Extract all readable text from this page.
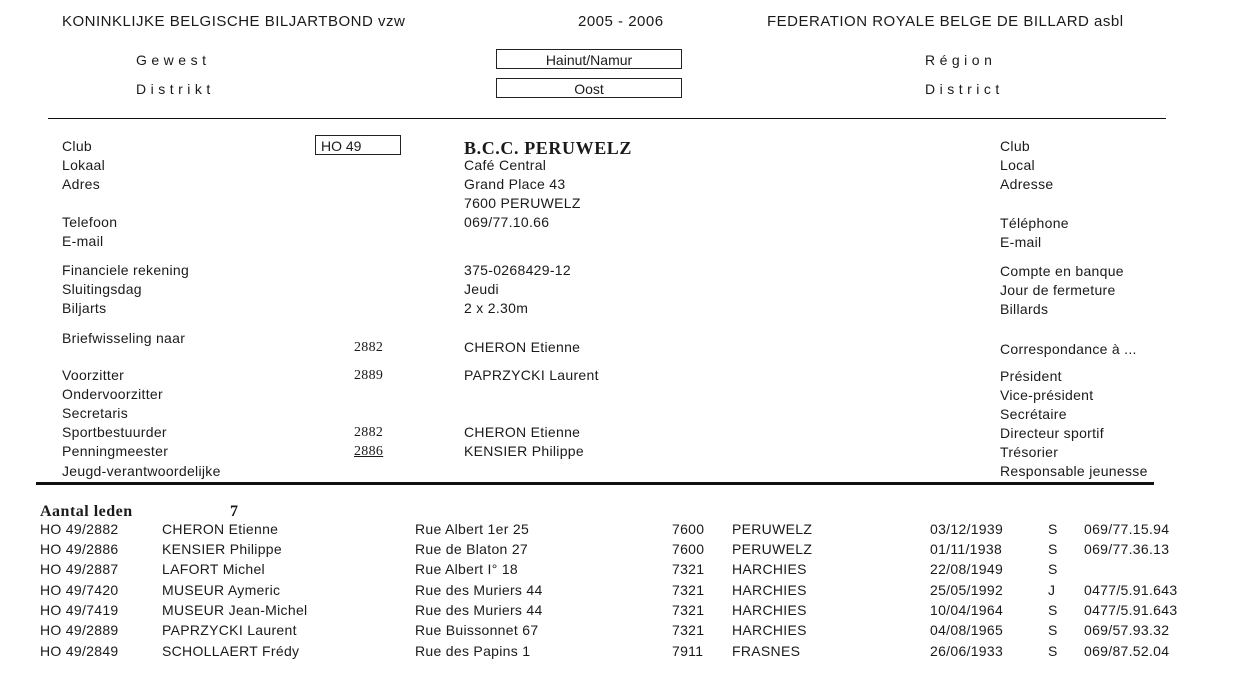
KONINKLIJKE BELGISCHE BILJARTBOND vzw	2005 - 2006	FEDERATION ROYALE BELGE DE BILLARD asbl
Gewest	Hainut/Namur	Région
Distrikt	Oost	District
Club	HO 49	B.C.C. PERUWELZ	Club
Lokaal	Café Central	Local
Adres	Grand Place 43	Adresse
7600 PERUWELZ
Telefoon	069/77.10.66	Téléphone
E-mail	E-mail
Financiele rekening	375-0268429-12	Compte en banque
Sluitingsdag	Jeudi	Jour de fermeture
Biljarts	2 x 2.30m	Billards
Briefwisseling naar
2882	CHERON Etienne	Correspondance à ...
Voorzitter	2889	PAPRZYCKI Laurent	Président
Ondervoorzitter	Vice-président
Secretaris	Secrétaire
Sportbestuurder	2882	CHERON Etienne	Directeur sportif
Penningmeester	2886	KENSIER Philippe	Trésorier
Jeugd-verantwoordelijke	Responsable jeunesse
Aantal leden	7
HO 49/2882	CHERON Etienne	Rue Albert 1er 25	7600 PERUWELZ	03/12/1939	S 069/77.15.94
HO 49/2886	KENSIER Philippe	Rue de Blaton 27	7600 PERUWELZ	01/11/1938	S 069/77.36.13
HO 49/2887	LAFORT Michel	Rue Albert I° 18	7321 HARCHIES	22/08/1949	S
HO 49/7420	MUSEUR Aymeric	Rue des Muriers 44	7321 HARCHIES	25/05/1992	J 0477/5.91.643
HO 49/7419	MUSEUR Jean-Michel	Rue des Muriers 44	7321 HARCHIES	10/04/1964	S 0477/5.91.643
HO 49/2889	PAPRZYCKI Laurent	Rue Buissonnet 67	7321 HARCHIES	04/08/1965	S 069/57.93.32
HO 49/2849	SCHOLLAERT Frédy	Rue des Papins 1	7911 FRASNES	26/06/1933	S 069/87.52.04
